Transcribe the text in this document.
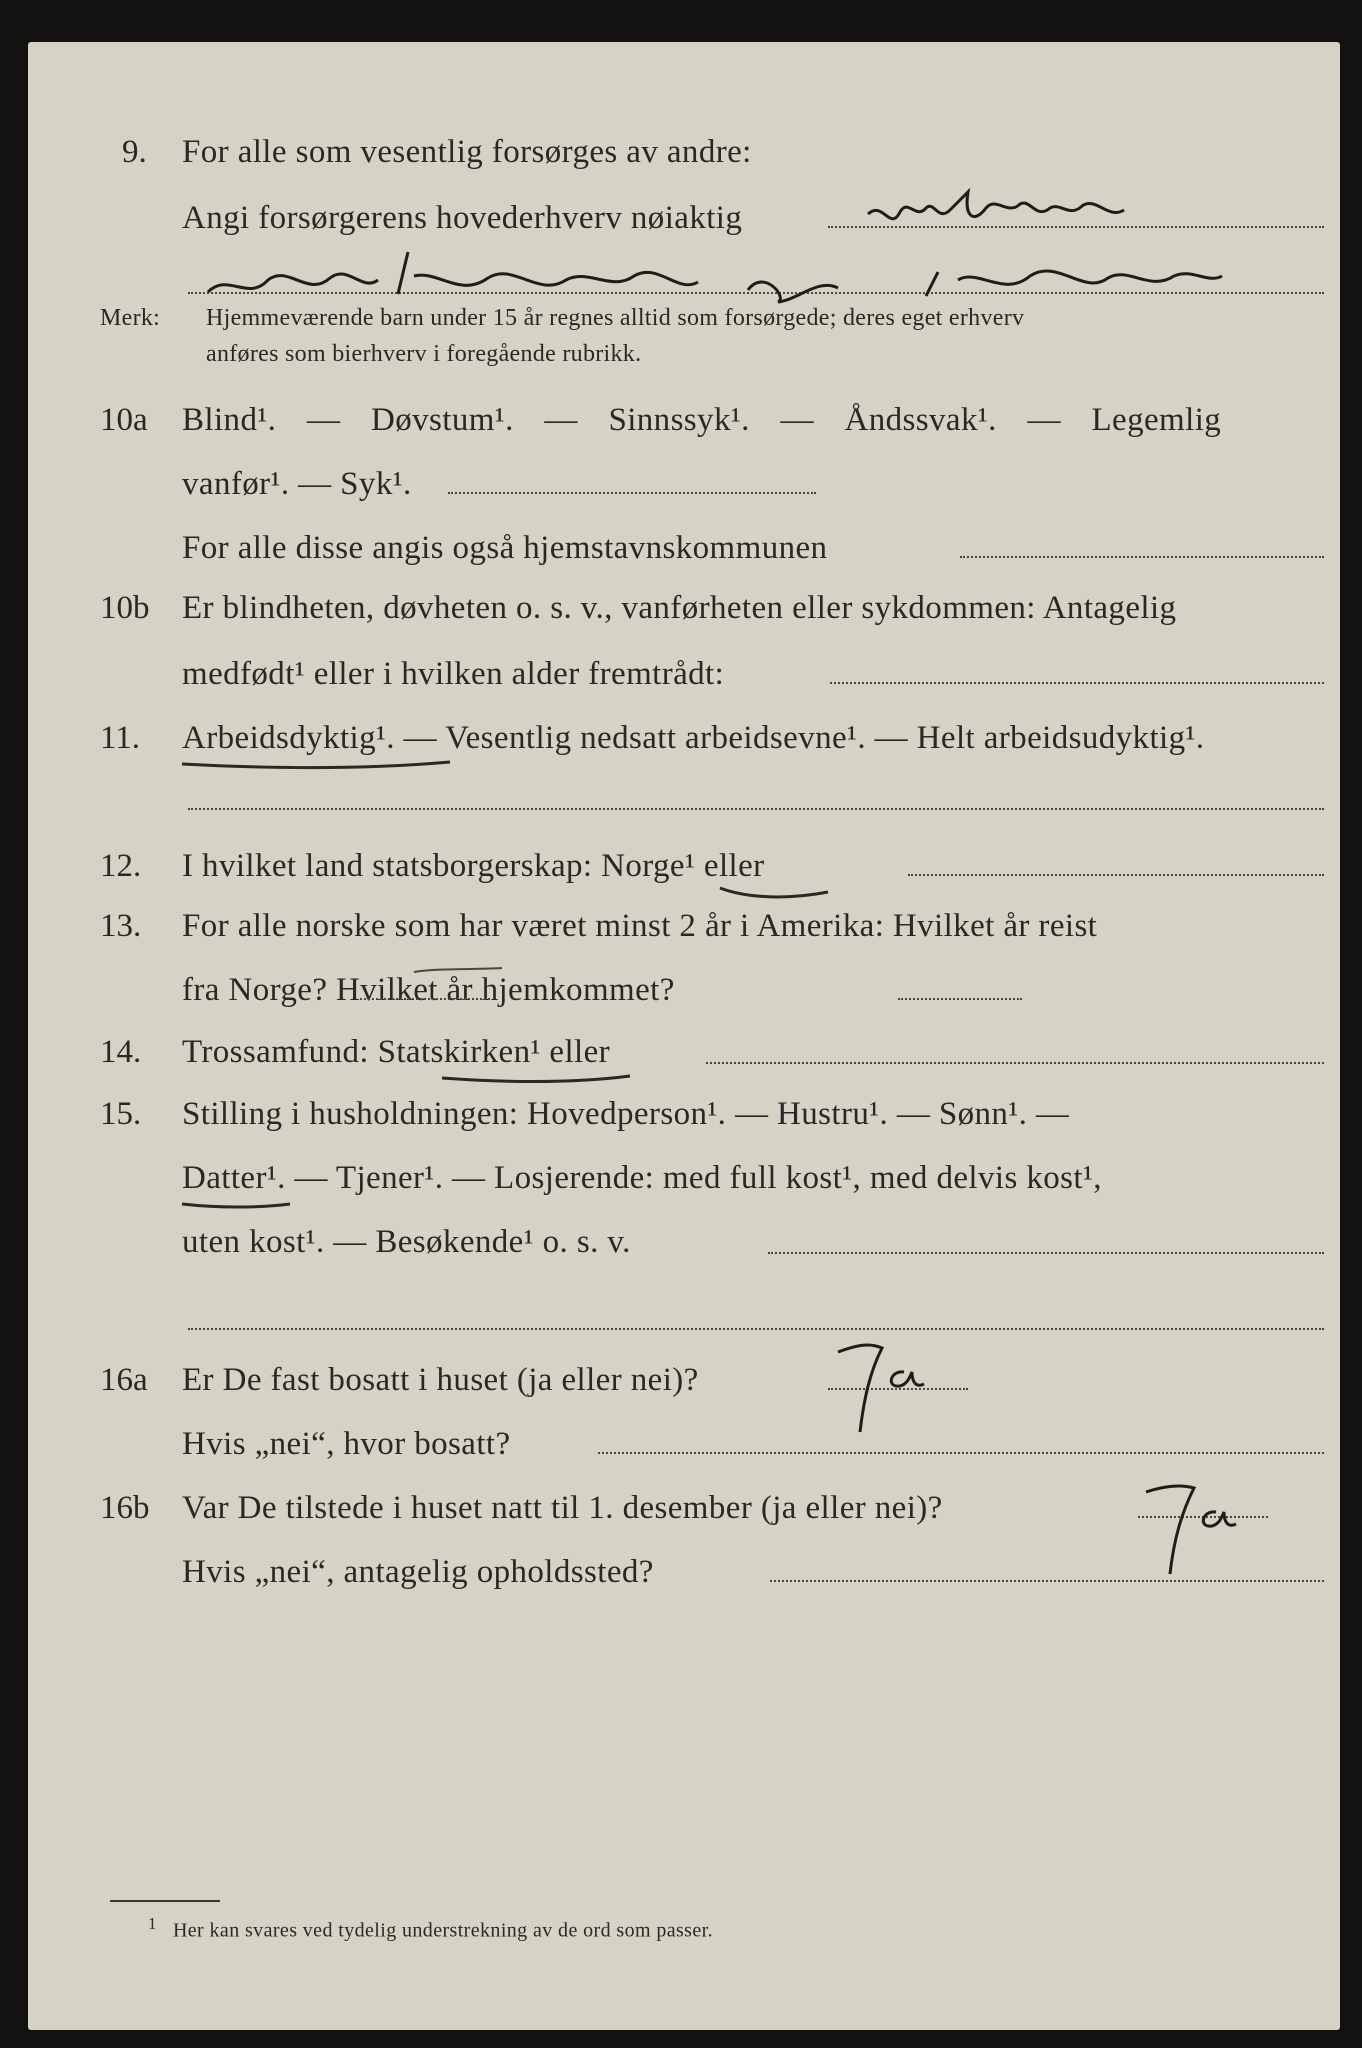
9. For alle som vesentlig forsørges av andre:
Angi forsørgerens hovederhverv nøiaktig
Merk: Hjemmeværende barn under 15 år regnes alltid som forsørgede; deres eget erhverv
anføres som bierhverv i foregående rubrikk.
10a Blind¹. — Døvstum¹. — Sinnssyk¹. — Åndssvak¹. — Legemlig
vanfør¹. — Syk¹.
For alle disse angis også hjemstavnskommunen
10b Er blindheten, døvheten o. s. v., vanførheten eller sykdommen: Antagelig
medfødt¹ eller i hvilken alder fremtrådt:
11. Arbeidsdyktig¹. — Vesentlig nedsatt arbeidsevne¹. — Helt arbeidsudyktig¹.
12. I hvilket land statsborgerskap: Norge¹ eller
13. For alle norske som har været minst 2 år i Amerika: Hvilket år reist
fra Norge? Hvilket år hjemkommet?
14. Trossamfund: Statskirken¹ eller
15. Stilling i husholdningen: Hovedperson¹. — Hustru¹. — Sønn¹. —
Datter¹. — Tjener¹. — Losjerende: med full kost¹, med delvis kost¹,
uten kost¹. — Besøkende¹ o. s. v.
16a Er De fast bosatt i huset (ja eller nei)?
Hvis „nei“, hvor bosatt?
16b Var De tilstede i huset natt til 1. desember (ja eller nei)?
Hvis „nei“, antagelig opholdssted?
$^1$ Her kan svares ved tydelig understrekning av de ord som passer.
